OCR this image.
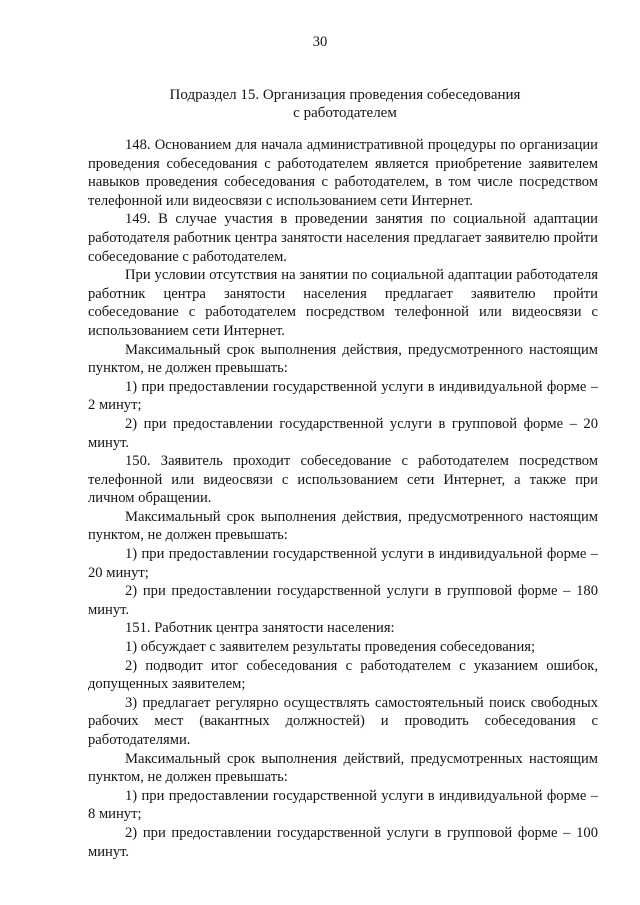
30
Подраздел 15. Организация проведения собеседования
с работодателем

148. Основанием для начала административной процедуры по организации проведения собеседования с работодателем является приобретение заявителем навыков проведения собеседования с работодателем, в том числе посредством телефонной или видеосвязи с использованием сети Интернет.

149. В случае участия в проведении занятия по социальной адаптации работодателя работник центра занятости населения предлагает заявителю пройти собеседование с работодателем.

При условии отсутствия на занятии по социальной адаптации работодателя работник центра занятости населения предлагает заявителю пройти собеседование с работодателем посредством телефонной или видеосвязи с использованием сети Интернет.

Максимальный срок выполнения действия, предусмотренного настоящим пунктом, не должен превышать:

1) при предоставлении государственной услуги в индивидуальной форме – 2 минут;

2) при предоставлении государственной услуги в групповой форме – 20 минут.

150. Заявитель проходит собеседование с работодателем посредством телефонной или видеосвязи с использованием сети Интернет, а также при личном обращении.

Максимальный срок выполнения действия, предусмотренного настоящим пунктом, не должен превышать:

1) при предоставлении государственной услуги в индивидуальной форме – 20 минут;

2) при предоставлении государственной услуги в групповой форме – 180 минут.

151. Работник центра занятости населения:

1) обсуждает с заявителем результаты проведения собеседования;

2) подводит итог собеседования с работодателем с указанием ошибок, допущенных заявителем;

3) предлагает регулярно осуществлять самостоятельный поиск свободных рабочих мест (вакантных должностей) и проводить собеседования с работодателями.

Максимальный срок выполнения действий, предусмотренных настоящим пунктом, не должен превышать:

1) при предоставлении государственной услуги в индивидуальной форме – 8 минут;

2) при предоставлении государственной услуги в групповой форме – 100 минут.
